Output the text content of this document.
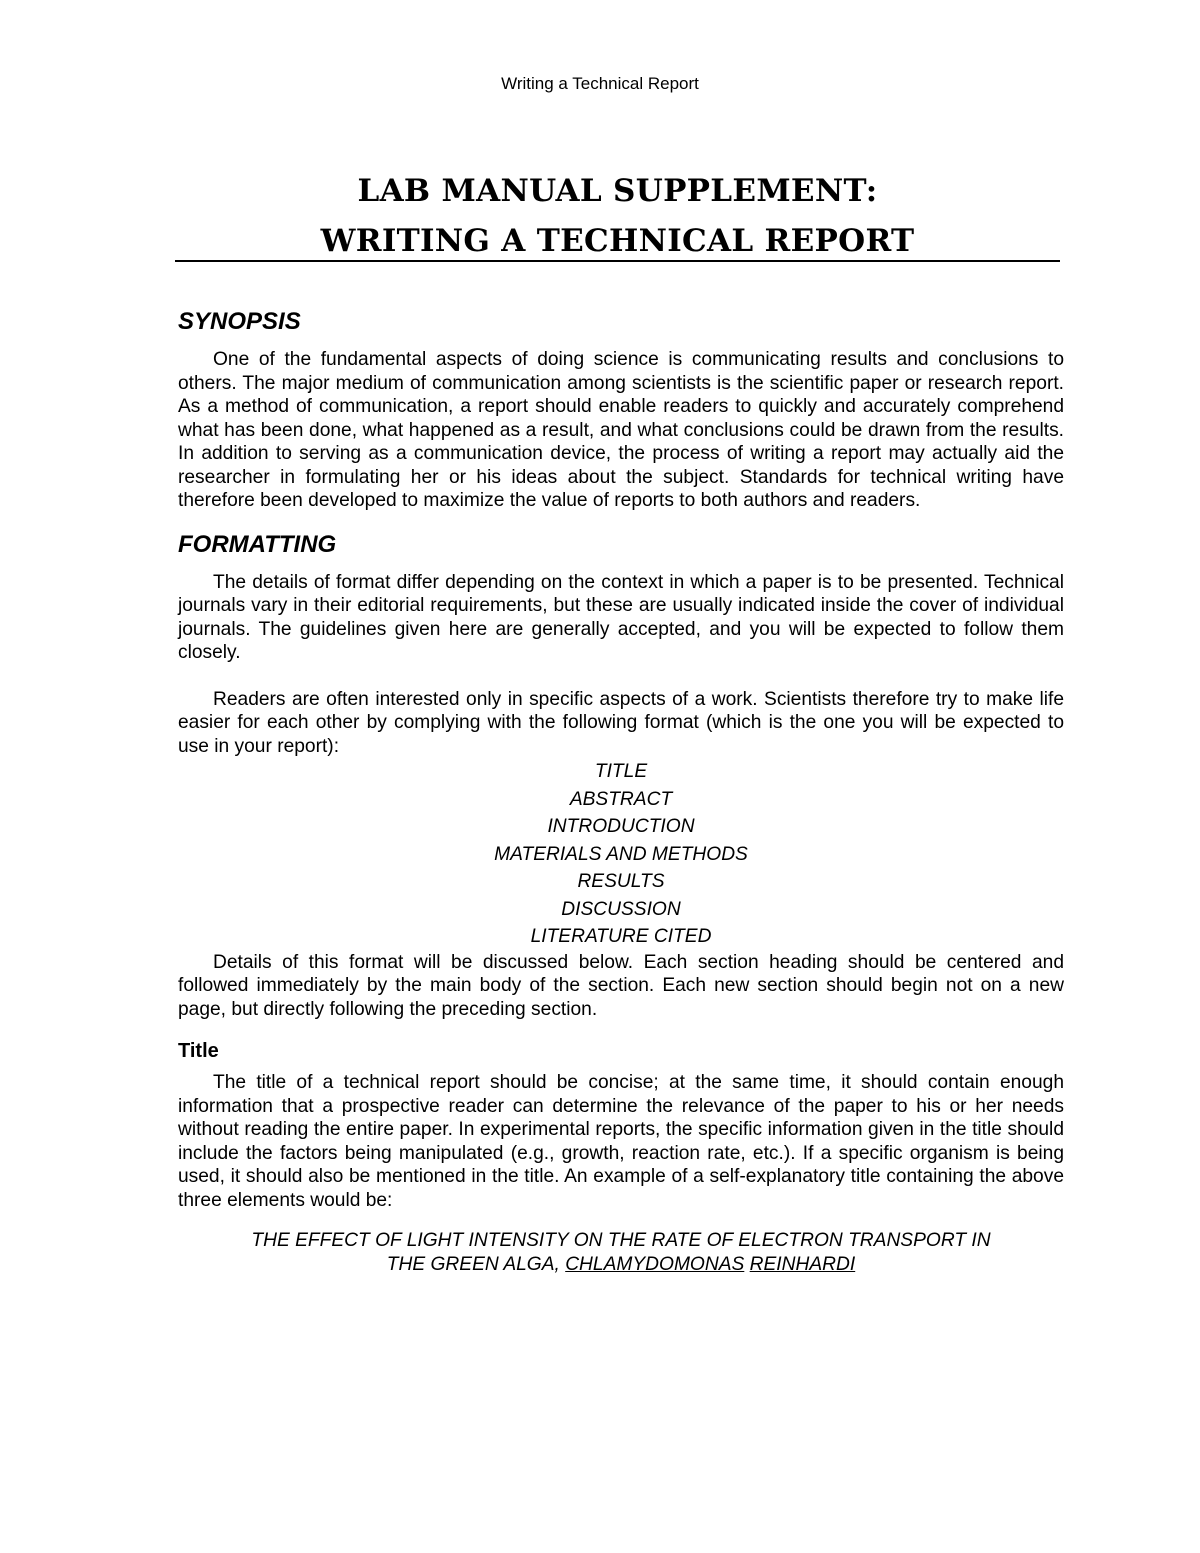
Writing a Technical Report
LAB MANUAL SUPPLEMENT:
WRITING A TECHNICAL REPORT
SYNOPSIS

One of the fundamental aspects of doing science is communicating results and conclusions to others. The major medium of communication among scientists is the scientific paper or research report. As a method of communication, a report should enable readers to quickly and accurately comprehend what has been done, what happened as a result, and what conclusions could be drawn from the results. In addition to serving as a communication device, the process of writing a report may actually aid the researcher in formulating her or his ideas about the subject. Standards for technical writing have therefore been developed to maximize the value of reports to both authors and readers.

FORMATTING

The details of format differ depending on the context in which a paper is to be presented. Technical journals vary in their editorial requirements, but these are usually indicated inside the cover of individual journals. The guidelines given here are generally accepted, and you will be expected to follow them closely.

Readers are often interested only in specific aspects of a work. Scientists therefore try to make life easier for each other by complying with the following format (which is the one you will be expected to use in your report):

TITLE
ABSTRACT
INTRODUCTION
MATERIALS AND METHODS
RESULTS
DISCUSSION
LITERATURE CITED

Details of this format will be discussed below. Each section heading should be centered and followed immediately by the main body of the section. Each new section should begin not on a new page, but directly following the preceding section.

Title

The title of a technical report should be concise; at the same time, it should contain enough information that a prospective reader can determine the relevance of the paper to his or her needs without reading the entire paper. In experimental reports, the specific information given in the title should include the factors being manipulated (e.g., growth, reaction rate, etc.). If a specific organism is being used, it should also be mentioned in the title. An example of a self-explanatory title containing the above three elements would be:

THE EFFECT OF LIGHT INTENSITY ON THE RATE OF ELECTRON TRANSPORT IN
THE GREEN ALGA, CHLAMYDOMONAS REINHARDI
